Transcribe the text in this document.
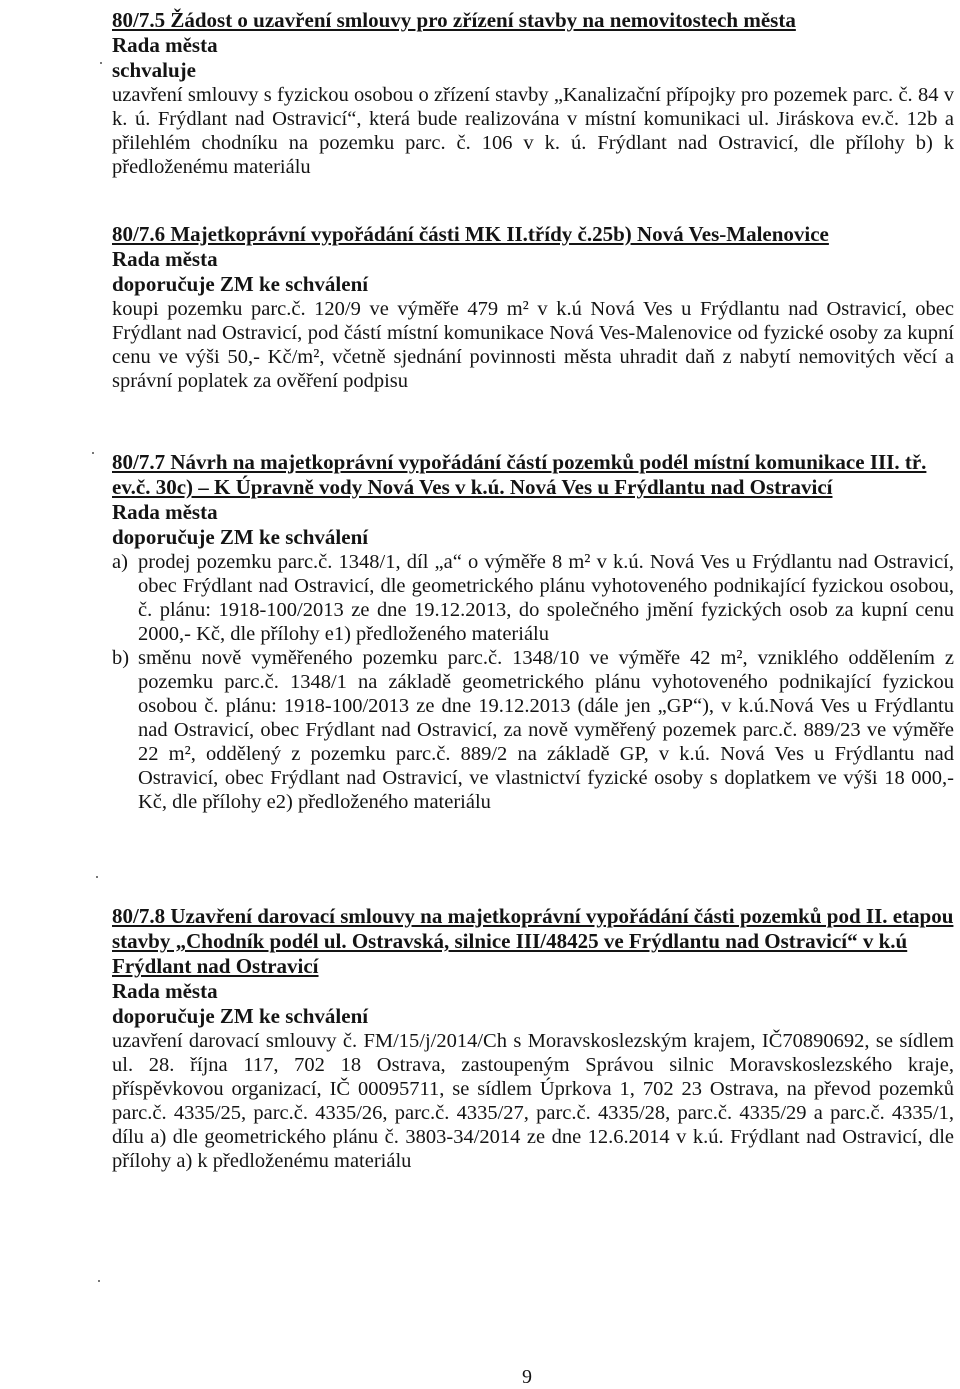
80/7.5 Žádost o uzavření smlouvy pro zřízení stavby na nemovitostech města

Rada města

schvaluje

uzavření smlouvy s fyzickou osobou o zřízení stavby „Kanalizační přípojky pro pozemek parc. č. 84 v k. ú. Frýdlant nad Ostravicí“, která bude realizována v místní komunikaci ul. Jiráskova ev.č. 12b a přilehlém chodníku na pozemku parc. č. 106 v k. ú. Frýdlant nad Ostravicí, dle přílohy b) k předloženému materiálu

80/7.6 Majetkoprávní vypořádání části MK II.třídy č.25b) Nová Ves-Malenovice

Rada města

doporučuje ZM ke schválení

koupi pozemku parc.č. 120/9 ve výměře 479 m² v k.ú Nová Ves u Frýdlantu nad Ostravicí, obec Frýdlant nad Ostravicí, pod částí místní komunikace Nová Ves-Malenovice od fyzické osoby za kupní cenu ve výši 50,- Kč/m², včetně sjednání povinnosti města uhradit daň z nabytí nemovitých věcí a správní poplatek za ověření podpisu

80/7.7 Návrh na majetkoprávní vypořádání částí pozemků podél místní komunikace III. tř. ev.č. 30c) – K Úpravně vody Nová Ves v k.ú. Nová Ves u Frýdlantu nad Ostravicí

Rada města

doporučuje ZM ke schválení

a) prodej pozemku parc.č. 1348/1, díl „a“ o výměře 8 m² v k.ú. Nová Ves u Frýdlantu nad Ostravicí, obec Frýdlant nad Ostravicí, dle geometrického plánu vyhotoveného podnikající fyzickou osobou, č. plánu: 1918-100/2013 ze dne 19.12.2013, do společného jmění fyzických osob za kupní cenu 2000,- Kč, dle přílohy e1) předloženého materiálu
b) směnu nově vyměřeného pozemku parc.č. 1348/10 ve výměře 42 m², vzniklého oddělením z pozemku parc.č. 1348/1 na základě geometrického plánu vyhotoveného podnikající fyzickou osobou č. plánu: 1918-100/2013 ze dne 19.12.2013 (dále jen „GP“), v k.ú.Nová Ves u Frýdlantu nad Ostravicí, obec Frýdlant nad Ostravicí, za nově vyměřený pozemek parc.č. 889/23 ve výměře 22 m², oddělený z pozemku parc.č. 889/2 na základě GP, v k.ú. Nová Ves u Frýdlantu nad Ostravicí, obec Frýdlant nad Ostravicí, ve vlastnictví fyzické osoby s doplatkem ve výši 18 000,- Kč, dle přílohy e2) předloženého materiálu

80/7.8 Uzavření darovací smlouvy na majetkoprávní vypořádání části pozemků pod II. etapou stavby „Chodník podél ul. Ostravská, silnice III/48425 ve Frýdlantu nad Ostravicí“ v k.ú Frýdlant nad Ostravicí

Rada města

doporučuje ZM ke schválení

uzavření darovací smlouvy č. FM/15/j/2014/Ch s Moravskoslezským krajem, IČ70890692, se sídlem ul. 28. října 117, 702 18 Ostrava, zastoupeným Správou silnic Moravskoslezského kraje, příspěvkovou organizací, IČ 00095711, se sídlem Úprkova 1, 702 23 Ostrava, na převod pozemků parc.č. 4335/25, parc.č. 4335/26, parc.č. 4335/27, parc.č. 4335/28, parc.č. 4335/29 a parc.č. 4335/1, dílu a) dle geometrického plánu č. 3803-34/2014 ze dne 12.6.2014 v k.ú. Frýdlant nad Ostravicí, dle přílohy a) k předloženému materiálu

9
